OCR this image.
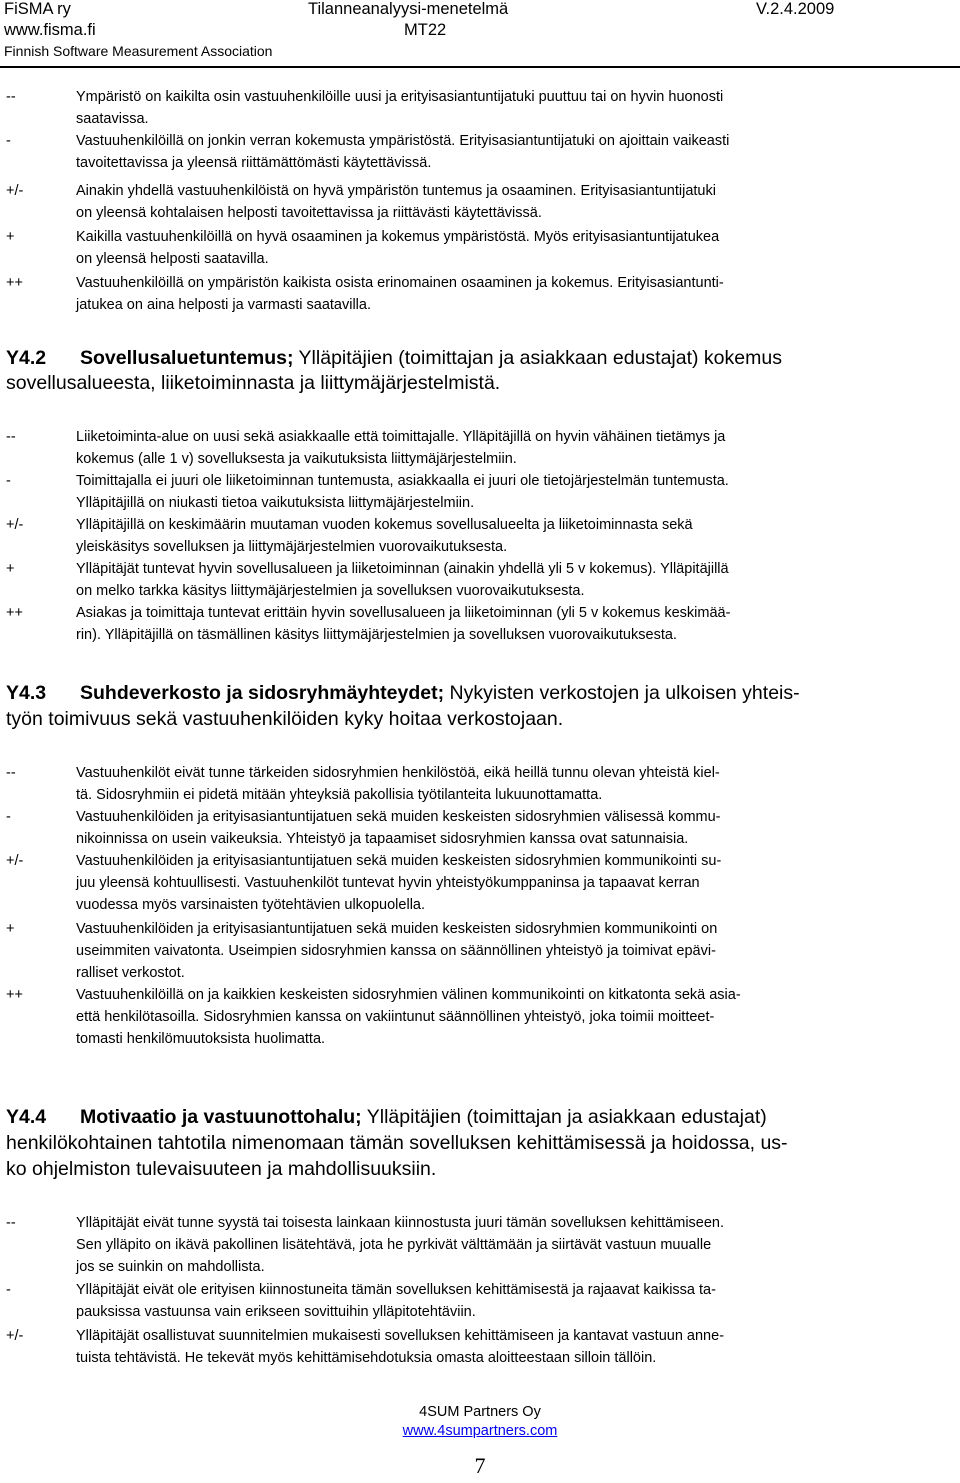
FiSMA ry
www.fisma.fi
Finnish Software Measurement Association
Tilanneanalyysi-menetelmä
MT22
V.2.4.2009
--	Ympäristö on kaikilta osin vastuuhenkilöille uusi ja erityisasiantuntijatuki puuttuu tai on hyvin huonosti
saatavissa.
-	Vastuuhenkilöillä on jonkin verran kokemusta ympäristöstä. Erityisasiantuntijatuki on ajoittain vaikeasti
tavoitettavissa ja yleensä riittämättömästi käytettävissä.
+/-	Ainakin yhdellä vastuuhenkilöistä on hyvä ympäristön tuntemus ja osaaminen. Erityisasiantuntijatuki
on yleensä kohtalaisen helposti tavoitettavissa ja riittävästi käytettävissä.
+	Kaikilla vastuuhenkilöillä on hyvä osaaminen ja kokemus ympäristöstä. Myös erityisasiantuntijatukea
on yleensä helposti saatavilla.
++	Vastuuhenkilöillä on ympäristön kaikista osista erinomainen osaaminen ja kokemus. Erityisasiantunti-
jatukea on aina helposti ja varmasti saatavilla.
Y4.2 Sovellusaluetuntemus; Ylläpitäjien (toimittajan ja asiakkaan edustajat) kokemus
sovellusalueesta, liiketoiminnasta ja liittymäjärjestelmistä.
--	Liiketoiminta-alue on uusi sekä asiakkaalle että toimittajalle. Ylläpitäjillä on hyvin vähäinen tietämys ja
kokemus (alle 1 v) sovelluksesta ja vaikutuksista liittymäjärjestelmiin.
-	Toimittajalla ei juuri ole liiketoiminnan tuntemusta, asiakkaalla ei juuri ole tietojärjestelmän tuntemusta.
Ylläpitäjillä on niukasti tietoa vaikutuksista liittymäjärjestelmiin.
+/-	Ylläpitäjillä on keskimäärin muutaman vuoden kokemus sovellusalueelta ja liiketoiminnasta sekä
yleiskäsitys sovelluksen ja liittymäjärjestelmien vuorovaikutuksesta.
+	Ylläpitäjät tuntevat hyvin sovellusalueen ja liiketoiminnan (ainakin yhdellä yli 5 v kokemus). Ylläpitäjillä
on melko tarkka käsitys liittymäjärjestelmien ja sovelluksen vuorovaikutuksesta.
++	Asiakas ja toimittaja tuntevat erittäin hyvin sovellusalueen ja liiketoiminnan (yli 5 v kokemus keskimää-
rin). Ylläpitäjillä on täsmällinen käsitys liittymäjärjestelmien ja sovelluksen vuorovaikutuksesta.
Y4.3 Suhdeverkosto ja sidosryhmäyhteydet; Nykyisten verkostojen ja ulkoisen yhteis-
työn toimivuus sekä vastuuhenkilöiden kyky hoitaa verkostojaan.
--	Vastuuhenkilöt eivät tunne tärkeiden sidosryhmien henkilöstöä, eikä heillä tunnu olevan yhteistä kiel-
tä. Sidosryhmiin ei pidetä mitään yhteyksiä pakollisia työtilanteita lukuunottamatta.
-	Vastuuhenkilöiden ja erityisasiantuntijatuen sekä muiden keskeisten sidosryhmien välisessä kommu-
nikoinnissa on usein vaikeuksia. Yhteistyö ja tapaamiset sidosryhmien kanssa ovat satunnaisia.
+/-	Vastuuhenkilöiden ja erityisasiantuntijatuen sekä muiden keskeisten sidosryhmien kommunikointi su-
juu yleensä kohtuullisesti. Vastuuhenkilöt tuntevat hyvin yhteistyökumppaninsa ja tapaavat kerran
vuodessa myös varsinaisten työtehtävien ulkopuolella.
+	Vastuuhenkilöiden ja erityisasiantuntijatuen sekä muiden keskeisten sidosryhmien kommunikointi on
useimmiten vaivatonta. Useimpien sidosryhmien kanssa on säännöllinen yhteistyö ja toimivat epävi-
ralliset verkostot.
++	Vastuuhenkilöillä on ja kaikkien keskeisten sidosryhmien välinen kommunikointi on kitkatonta sekä asia-
että henkilötasoilla. Sidosryhmien kanssa on vakiintunut säännöllinen yhteistyö, joka toimii moitteet-
tomasti henkilömuutoksista huolimatta.
Y4.4 Motivaatio ja vastuunottohalu; Ylläpitäjien (toimittajan ja asiakkaan edustajat)
henkilökohtainen tahtotila nimenomaan tämän sovelluksen kehittämisessä ja hoidossa, us-
ko ohjelmiston tulevaisuuteen ja mahdollisuuksiin.
--	Ylläpitäjät eivät tunne syystä tai toisesta lainkaan kiinnostusta juuri tämän sovelluksen kehittämiseen.
Sen ylläpito on ikävä pakollinen lisätehtävä, jota he pyrkivät välttämään ja siirtävät vastuun muualle
jos se suinkin on mahdollista.
-	Ylläpitäjät eivät ole erityisen kiinnostuneita tämän sovelluksen kehittämisestä ja rajaavat kaikissa ta-
pauksissa vastuunsa vain erikseen sovittuihin ylläpitotehtäviin.
+/-	Ylläpitäjät osallistuvat suunnitelmien mukaisesti sovelluksen kehittämiseen ja kantavat vastuun anne-
tuista tehtävistä. He tekevät myös kehittämisehdotuksia omasta aloitteestaan silloin tällöin.
4SUM Partners Oy
www.4sumpartners.com
7
